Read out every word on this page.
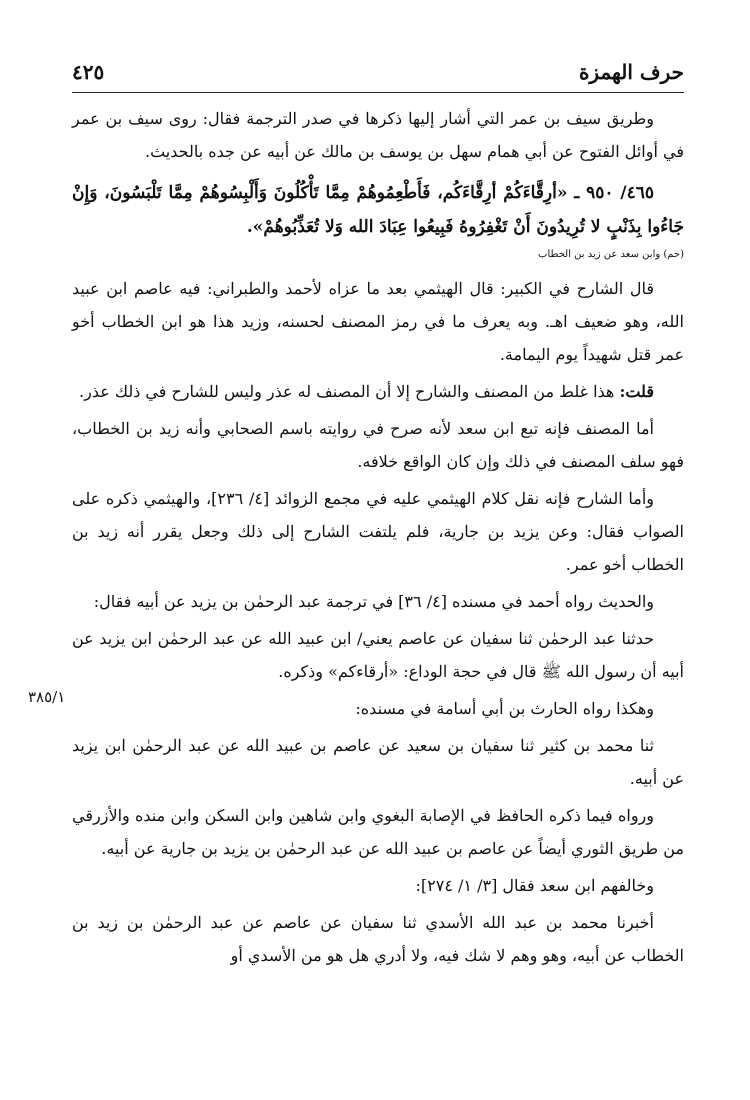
حرف الهمزة
٤٢٥
٣٨٥/١

وطريق سيف بن عمر التي أشار إليها ذكرها في صدر الترجمة فقال: روى سيف بن عمر في أوائل الفتوح عن أبي همام سهل بن يوسف بن مالك عن أبيه عن جده بالحديث.

٤٦٥/ ٩٥٠ ـ «أرِقَّاءَكُمْ أرِقَّاءَكُم، فَأَطْعِمُوهُمْ مِمَّا تَأْكُلُونَ وَأَلْبِسُوهُمْ مِمَّا تَلْبَسُونَ، وَإِنْ جَاءُوا بِذَنْبٍ لا تُرِيدُونَ أَنْ تَغْفِرُوهُ فَبِيعُوا عِبَادَ الله وَلا تُعَذِّبُوهُمْ».

(حم) وابن سعد عن زيد بن الخطاب

قال الشارح في الكبير: قال الهيثمي بعد ما عزاه لأحمد والطبراني: فيه عاصم ابن عبيد الله، وهو ضعيف اهـ. وبه يعرف ما في رمز المصنف لحسنه، وزيد هذا هو ابن الخطاب أخو عمر قتل شهيداً يوم اليمامة.

قلت: هذا غلط من المصنف والشارح إلا أن المصنف له عذر وليس للشارح في ذلك عذر.

أما المصنف فإنه تبع ابن سعد لأنه صرح في روايته باسم الصحابي وأنه زيد بن الخطاب، فهو سلف المصنف في ذلك وإن كان الواقع خلافه.

وأما الشارح فإنه نقل كلام الهيثمي عليه في مجمع الزوائد [٤/ ٢٣٦]، والهيثمي ذكره على الصواب فقال: وعن يزيد بن جارية، فلم يلتفت الشارح إلى ذلك وجعل يقرر أنه زيد بن الخطاب أخو عمر.

والحديث رواه أحمد في مسنده [٤/ ٣٦] في ترجمة عبد الرحمٰن بن يزيد عن أبيه فقال:

حدثنا عبد الرحمٰن ثنا سفيان عن عاصم يعني/ ابن عبيد الله عن عبد الرحمٰن ابن يزيد عن أبيه أن رسول الله ﷺ قال في حجة الوداع: «أرقاءكم» وذكره.

وهكذا رواه الحارث بن أبي أسامة في مسنده:

ثنا محمد بن كثير ثنا سفيان بن سعيد عن عاصم بن عبيد الله عن عبد الرحمٰن ابن يزيد عن أبيه.

ورواه فيما ذكره الحافظ في الإصابة البغوي وابن شاهين وابن السكن وابن منده والأزرقي من طريق الثوري أيضاً عن عاصم بن عبيد الله عن عبد الرحمٰن بن يزيد بن جارية عن أبيه.

وخالفهم ابن سعد فقال [٣/ ١/ ٢٧٤]:

أخبرنا محمد بن عبد الله الأسدي ثنا سفيان عن عاصم عن عبد الرحمٰن بن زيد بن الخطاب عن أبيه، وهو وهم لا شك فيه، ولا أدري هل هو من الأسدي أو
